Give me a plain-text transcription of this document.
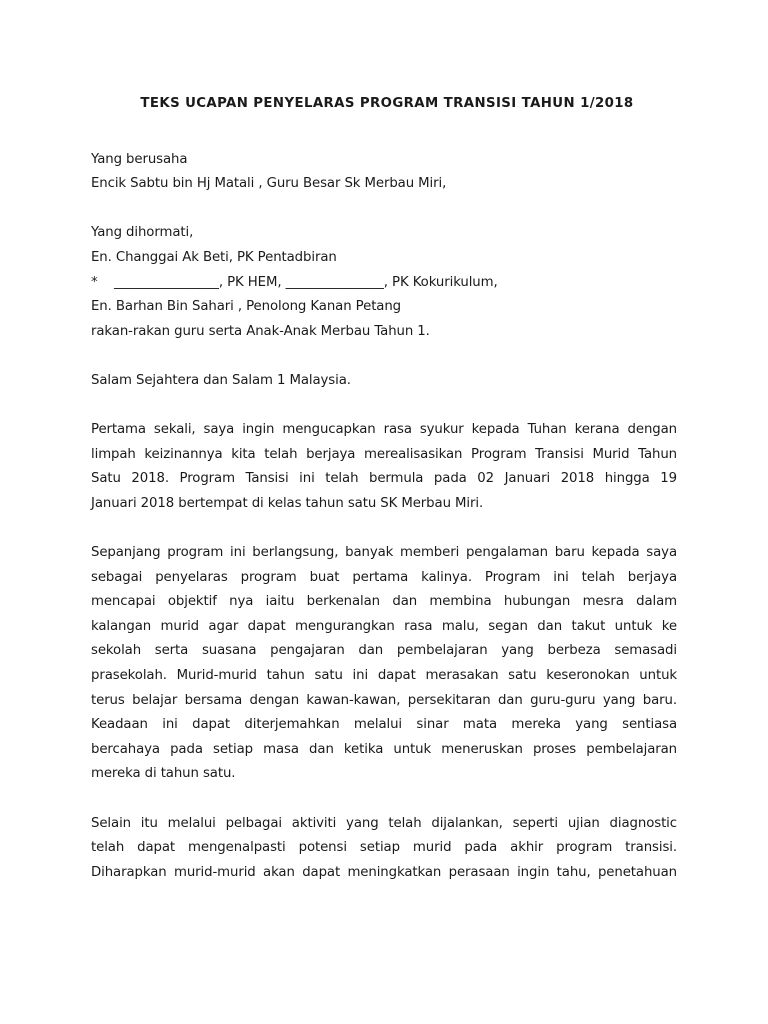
TEKS UCAPAN PENYELARAS PROGRAM TRANSISI TAHUN 1/2018
Yang berusaha
Encik Sabtu bin Hj Matali , Guru Besar Sk Merbau Miri,
Yang dihormati,
En. Changgai Ak Beti, PK Pentadbiran
*    ________________, PK HEM, _______________, PK Kokurikulum,
En. Barhan Bin Sahari , Penolong Kanan Petang
rakan-rakan guru serta Anak-Anak Merbau Tahun 1.
Salam Sejahtera dan Salam 1 Malaysia.
Pertama sekali, saya ingin mengucapkan rasa syukur kepada Tuhan kerana dengan
limpah keizinannya kita telah berjaya merealisasikan Program Transisi Murid Tahun
Satu 2018. Program Tansisi ini telah bermula pada 02 Januari 2018 hingga 19
Januari 2018 bertempat di kelas tahun satu SK Merbau Miri.
Sepanjang program ini berlangsung, banyak memberi pengalaman baru kepada saya
sebagai penyelaras program buat pertama kalinya. Program ini telah berjaya
mencapai objektif nya iaitu berkenalan dan membina hubungan mesra dalam
kalangan murid agar dapat mengurangkan rasa malu, segan dan takut untuk ke
sekolah serta suasana pengajaran dan pembelajaran yang berbeza semasadi
prasekolah. Murid-murid tahun satu ini dapat merasakan satu keseronokan untuk
terus belajar bersama dengan kawan-kawan, persekitaran dan guru-guru yang baru.
Keadaan ini dapat diterjemahkan melalui sinar mata mereka yang sentiasa
bercahaya pada setiap masa dan ketika untuk meneruskan proses pembelajaran
mereka di tahun satu.
Selain itu melalui pelbagai aktiviti yang telah dijalankan, seperti ujian diagnostic
telah dapat mengenalpasti potensi setiap murid pada akhir program transisi.
Diharapkan murid-murid akan dapat meningkatkan perasaan ingin tahu, penetahuan
